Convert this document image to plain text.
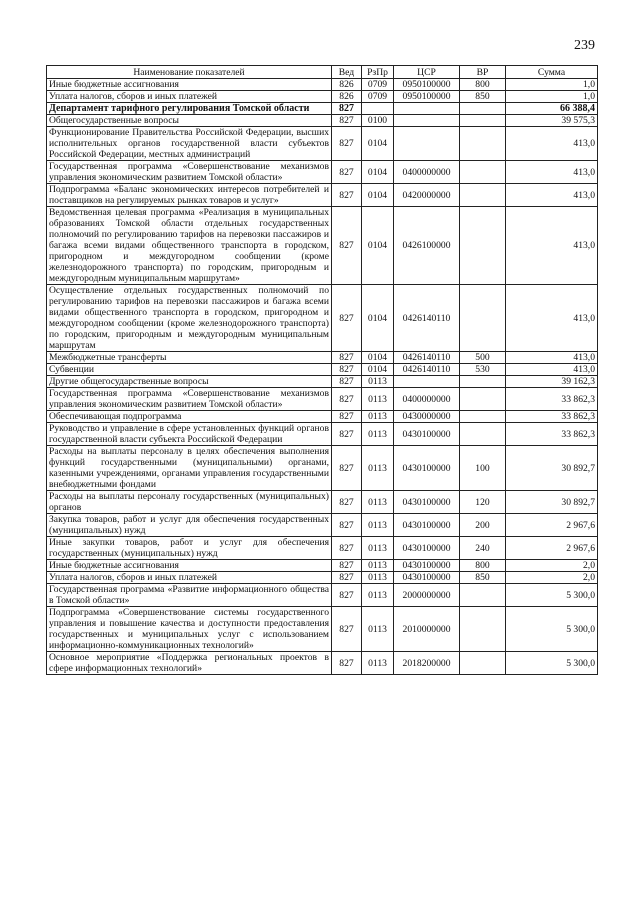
239
Наименование показателей	Вед	РзПр	ЦСР	ВР	Сумма
Иные бюджетные ассигнования	826	0709	0950100000	800	1,0
Уплата налогов, сборов и иных платежей	826	0709	0950100000	850	1,0
Департамент тарифного регулирования Томской области	827				66 388,4
Общегосударственные вопросы	827	0100			39 575,3
Функционирование Правительства Российской Федерации, высших исполнительных органов государственной власти субъектов Российской Федерации, местных администраций	827	0104			413,0
Государственная программа «Совершенствование механизмов управления экономическим развитием Томской области»	827	0104	0400000000		413,0
Подпрограмма «Баланс экономических интересов потребителей и поставщиков на регулируемых рынках товаров и услуг»	827	0104	0420000000		413,0
Ведомственная целевая программа «Реализация в муниципальных образованиях Томской области отдельных государственных полномочий по регулированию тарифов на перевозки пассажиров и багажа всеми видами общественного транспорта в городском, пригородном и междугородном сообщении (кроме железнодорожного транспорта) по городским, пригородным и междугородным муниципальным маршрутам»	827	0104	0426100000		413,0
Осуществление отдельных государственных полномочий по регулированию тарифов на перевозки пассажиров и багажа всеми видами общественного транспорта в городском, пригородном и междугородном сообщении (кроме железнодорожного транспорта) по городским, пригородным и междугородным муниципальным маршрутам	827	0104	0426140110		413,0
Межбюджетные трансферты	827	0104	0426140110	500	413,0
Субвенции	827	0104	0426140110	530	413,0
Другие общегосударственные вопросы	827	0113			39 162,3
Государственная программа «Совершенствование механизмов управления экономическим развитием Томской области»	827	0113	0400000000		33 862,3
Обеспечивающая подпрограмма	827	0113	0430000000		33 862,3
Руководство и управление в сфере установленных функций органов государственной власти субъекта Российской Федерации	827	0113	0430100000		33 862,3
Расходы на выплаты персоналу в целях обеспечения выполнения функций государственными (муниципальными) органами, казенными учреждениями, органами управления государственными внебюджетными фондами	827	0113	0430100000	100	30 892,7
Расходы на выплаты персоналу государственных (муниципальных) органов	827	0113	0430100000	120	30 892,7
Закупка товаров, работ и услуг для обеспечения государственных (муниципальных) нужд	827	0113	0430100000	200	2 967,6
Иные закупки товаров, работ и услуг для обеспечения государственных (муниципальных) нужд	827	0113	0430100000	240	2 967,6
Иные бюджетные ассигнования	827	0113	0430100000	800	2,0
Уплата налогов, сборов и иных платежей	827	0113	0430100000	850	2,0
Государственная программа «Развитие информационного общества в Томской области»	827	0113	2000000000		5 300,0
Подпрограмма «Совершенствование системы государственного управления и повышение качества и доступности предоставления государственных и муниципальных услуг с использованием информационно-коммуникационных технологий»	827	0113	2010000000		5 300,0
Основное мероприятие «Поддержка региональных проектов в сфере информационных технологий»	827	0113	2018200000		5 300,0
